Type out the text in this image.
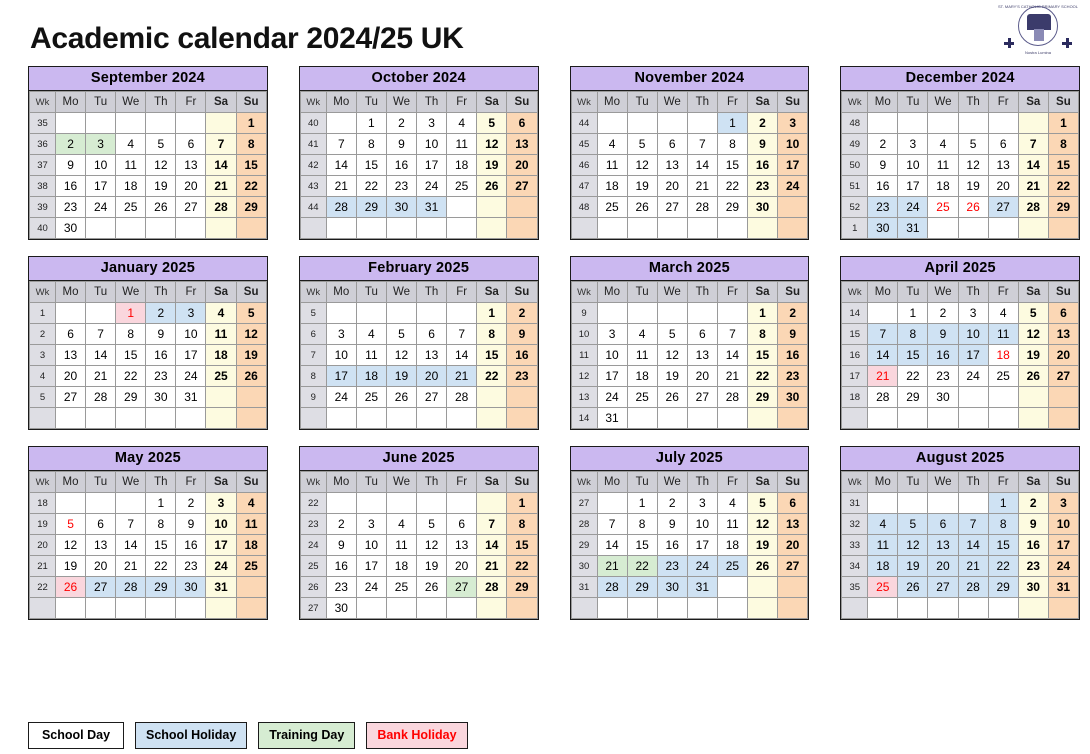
Academic calendar 2024/25 UK
ST. MARY'S CATHOLIC PRIMARY SCHOOL
Nostra Lumina
September 2024
Wk	Mo	Tu	We	Th	Fr	Sa	Su
35							1
36	2	3	4	5	6	7	8
37	9	10	11	12	13	14	15
38	16	17	18	19	20	21	22
39	23	24	25	26	27	28	29
40	30						
October 2024
Wk	Mo	Tu	We	Th	Fr	Sa	Su
40		1	2	3	4	5	6
41	7	8	9	10	11	12	13
42	14	15	16	17	18	19	20
43	21	22	23	24	25	26	27
44	28	29	30	31			

November 2024
Wk	Mo	Tu	We	Th	Fr	Sa	Su
44					1	2	3
45	4	5	6	7	8	9	10
46	11	12	13	14	15	16	17
47	18	19	20	21	22	23	24
48	25	26	27	28	29	30	

December 2024
Wk	Mo	Tu	We	Th	Fr	Sa	Su
48							1
49	2	3	4	5	6	7	8
50	9	10	11	12	13	14	15
51	16	17	18	19	20	21	22
52	23	24	25	26	27	28	29
1	30	31					
January 2025
Wk	Mo	Tu	We	Th	Fr	Sa	Su
1			1	2	3	4	5
2	6	7	8	9	10	11	12
3	13	14	15	16	17	18	19
4	20	21	22	23	24	25	26
5	27	28	29	30	31		

February 2025
Wk	Mo	Tu	We	Th	Fr	Sa	Su
5						1	2
6	3	4	5	6	7	8	9
7	10	11	12	13	14	15	16
8	17	18	19	20	21	22	23
9	24	25	26	27	28		

March 2025
Wk	Mo	Tu	We	Th	Fr	Sa	Su
9						1	2
10	3	4	5	6	7	8	9
11	10	11	12	13	14	15	16
12	17	18	19	20	21	22	23
13	24	25	26	27	28	29	30
14	31						
April 2025
Wk	Mo	Tu	We	Th	Fr	Sa	Su
14		1	2	3	4	5	6
15	7	8	9	10	11	12	13
16	14	15	16	17	18	19	20
17	21	22	23	24	25	26	27
18	28	29	30				

May 2025
Wk	Mo	Tu	We	Th	Fr	Sa	Su
18				1	2	3	4
19	5	6	7	8	9	10	11
20	12	13	14	15	16	17	18
21	19	20	21	22	23	24	25
22	26	27	28	29	30	31	

June 2025
Wk	Mo	Tu	We	Th	Fr	Sa	Su
22							1
23	2	3	4	5	6	7	8
24	9	10	11	12	13	14	15
25	16	17	18	19	20	21	22
26	23	24	25	26	27	28	29
27	30						
July 2025
Wk	Mo	Tu	We	Th	Fr	Sa	Su
27		1	2	3	4	5	6
28	7	8	9	10	11	12	13
29	14	15	16	17	18	19	20
30	21	22	23	24	25	26	27
31	28	29	30	31			

August 2025
Wk	Mo	Tu	We	Th	Fr	Sa	Su
31					1	2	3
32	4	5	6	7	8	9	10
33	11	12	13	14	15	16	17
34	18	19	20	21	22	23	24
35	25	26	27	28	29	30	31

School Day	School Holiday	Training Day	Bank Holiday
